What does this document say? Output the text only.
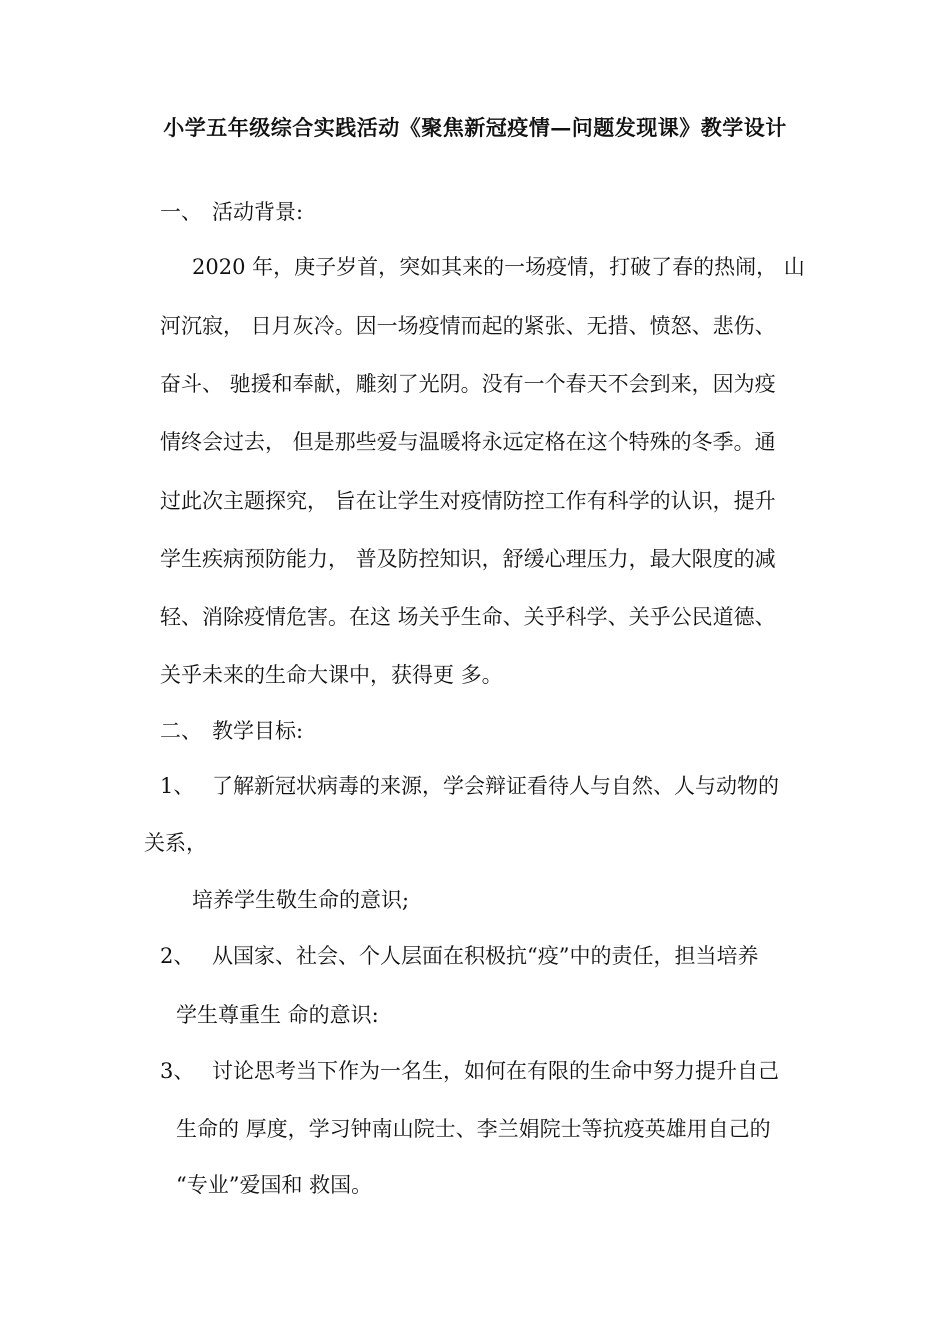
小学五年级综合实践活动《聚焦新冠疫情—问题发现课》教学设计
一、 活动背景:
2020 年，庚子岁首，突如其来的一场疫情，打破了春的热闹， 山
河沉寂， 日月灰冷。因一场疫情而起的紧张、无措、愤怒、悲伤、
奋斗、 驰援和奉献，雕刻了光阴。没有一个春天不会到来，因为疫
情终会过去， 但是那些爱与温暖将永远定格在这个特殊的冬季。通
过此次主题探究， 旨在让学生对疫情防控工作有科学的认识，提升
学生疾病预防能力， 普及防控知识，舒缓心理压力，最大限度的减
轻、消除疫情危害。在这 场关乎生命、关乎科学、关乎公民道德、
关乎未来的生命大课中，获得更 多。
二、 教学目标:
1、 了解新冠状病毒的来源，学会辩证看待人与自然、人与动物的
关系，
培养学生敬生命的意识;
2、 从国家、社会、个人层面在积极抗“疫”中的责任，担当培养
学生尊重生 命的意识:
3、 讨论思考当下作为一名生，如何在有限的生命中努力提升自己
生命的 厚度，学习钟南山院士、李兰娟院士等抗疫英雄用自己的
“专业”爱国和 救国。
